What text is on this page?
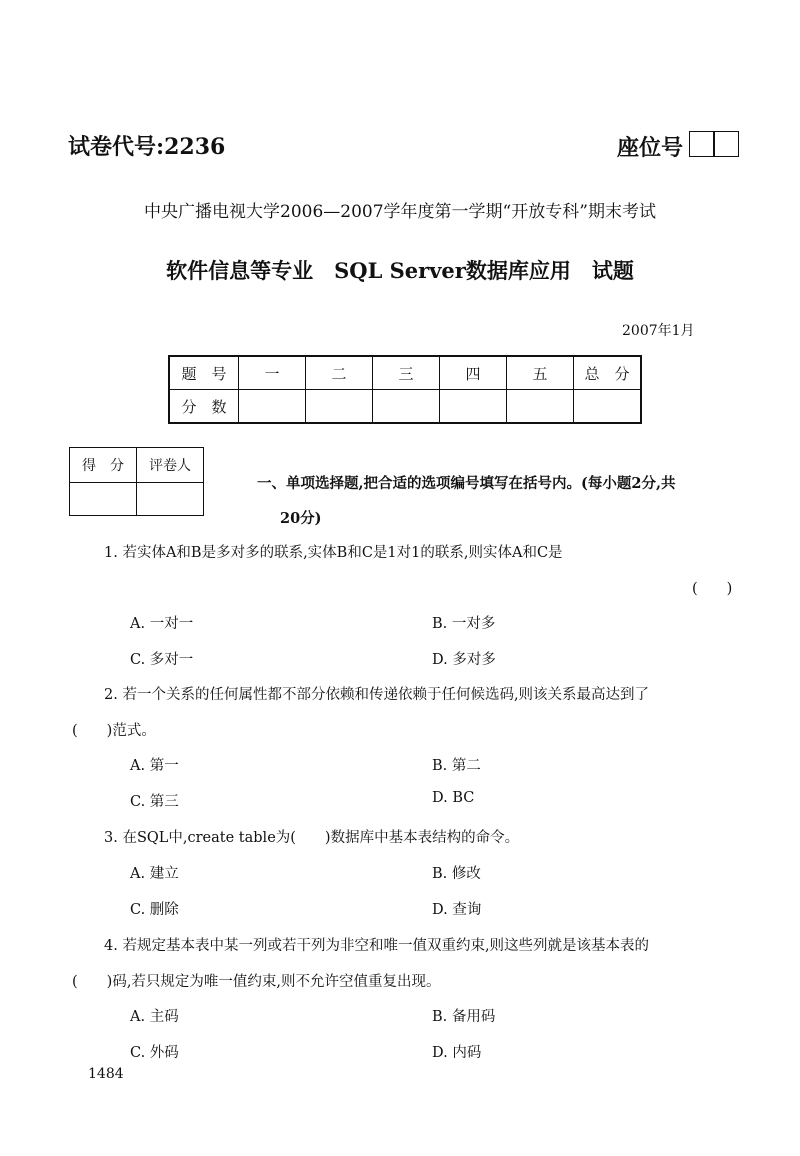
试卷代号:2236	座位号
中央广播电视大学2006—2007学年度第一学期“开放专科”期末考试
软件信息等专业　SQL Server数据库应用　试题
2007年1月
题　号	一	二	三	四	五	总　分
分　数						
得　分	评卷人

一、单项选择题,把合适的选项编号填写在括号内。(每小题2分,共
20分)
1. 若实体A和B是多对多的联系,实体B和C是1对1的联系,则实体A和C是
(　　)
A. 一对一	B. 一对多
C. 多对一	D. 多对多
2. 若一个关系的任何属性都不部分依赖和传递依赖于任何候选码,则该关系最高达到了
(　　)范式。
A. 第一	B. 第二
C. 第三	D. BC
3. 在SQL中,create table为(　　)数据库中基本表结构的命令。
A. 建立	B. 修改
C. 删除	D. 查询
4. 若规定基本表中某一列或若干列为非空和唯一值双重约束,则这些列就是该基本表的
(　　)码,若只规定为唯一值约束,则不允许空值重复出现。
A. 主码	B. 备用码
C. 外码	D. 内码
1484
